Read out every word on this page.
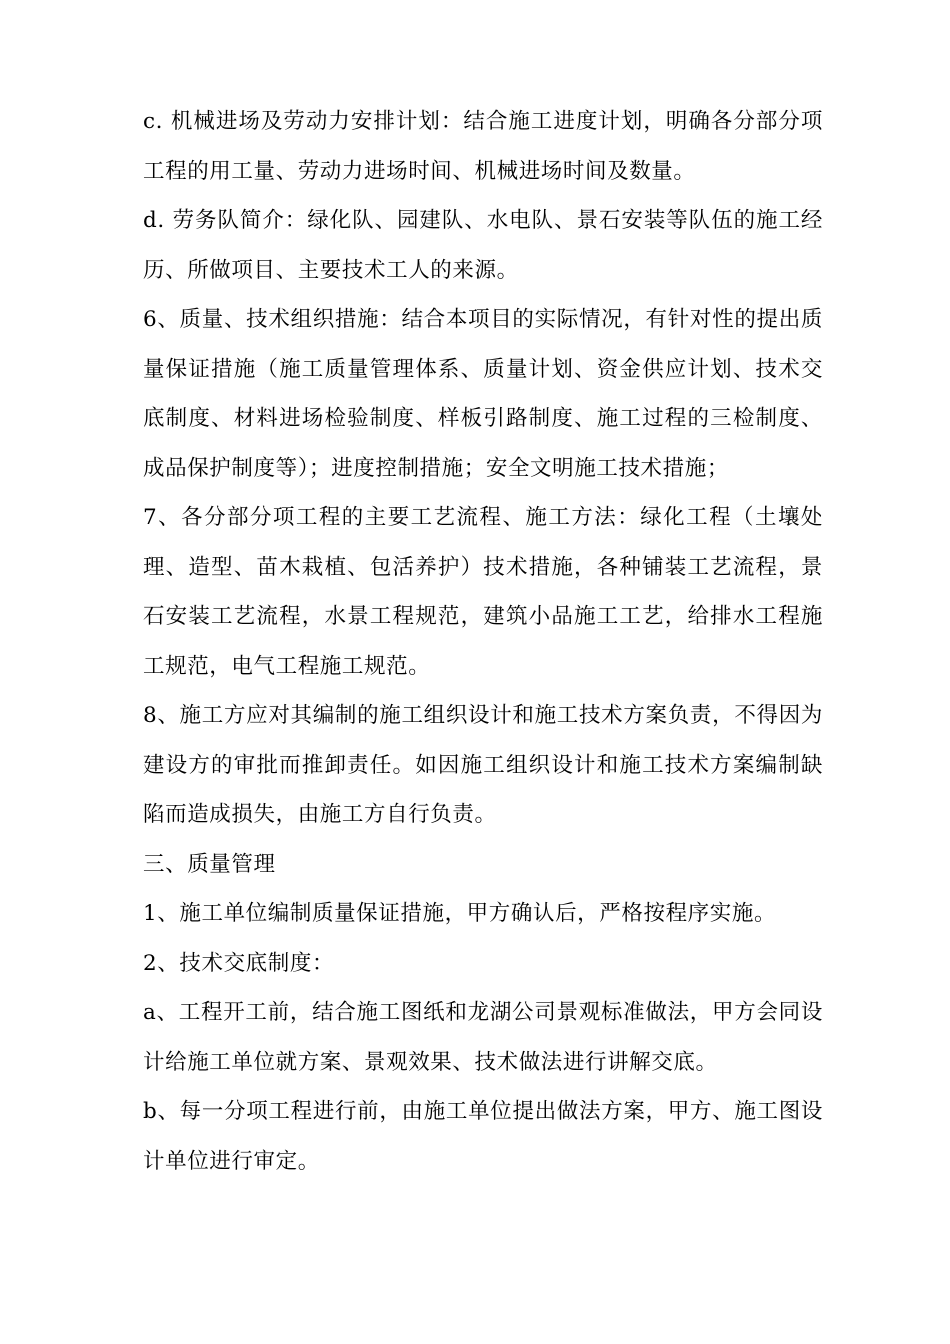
c. 机械进场及劳动力安排计划：结合施工进度计划，明确各分部分项工程的用工量、劳动力进场时间、机械进场时间及数量。

d. 劳务队简介：绿化队、园建队、水电队、景石安装等队伍的施工经历、所做项目、主要技术工人的来源。

6、质量、技术组织措施：结合本项目的实际情况，有针对性的提出质量保证措施（施工质量管理体系、质量计划、资金供应计划、技术交底制度、材料进场检验制度、样板引路制度、施工过程的三检制度、成品保护制度等）；进度控制措施；安全文明施工技术措施；

7、各分部分项工程的主要工艺流程、施工方法：绿化工程（土壤处理、造型、苗木栽植、包活养护）技术措施，各种铺装工艺流程，景石安装工艺流程，水景工程规范，建筑小品施工工艺，给排水工程施工规范，电气工程施工规范。

8、施工方应对其编制的施工组织设计和施工技术方案负责，不得因为建设方的审批而推卸责任。如因施工组织设计和施工技术方案编制缺陷而造成损失，由施工方自行负责。

三、质量管理

1、施工单位编制质量保证措施，甲方确认后，严格按程序实施。

2、技术交底制度：

a、工程开工前，结合施工图纸和龙湖公司景观标准做法，甲方会同设计给施工单位就方案、景观效果、技术做法进行讲解交底。

b、每一分项工程进行前，由施工单位提出做法方案，甲方、施工图设计单位进行审定。
